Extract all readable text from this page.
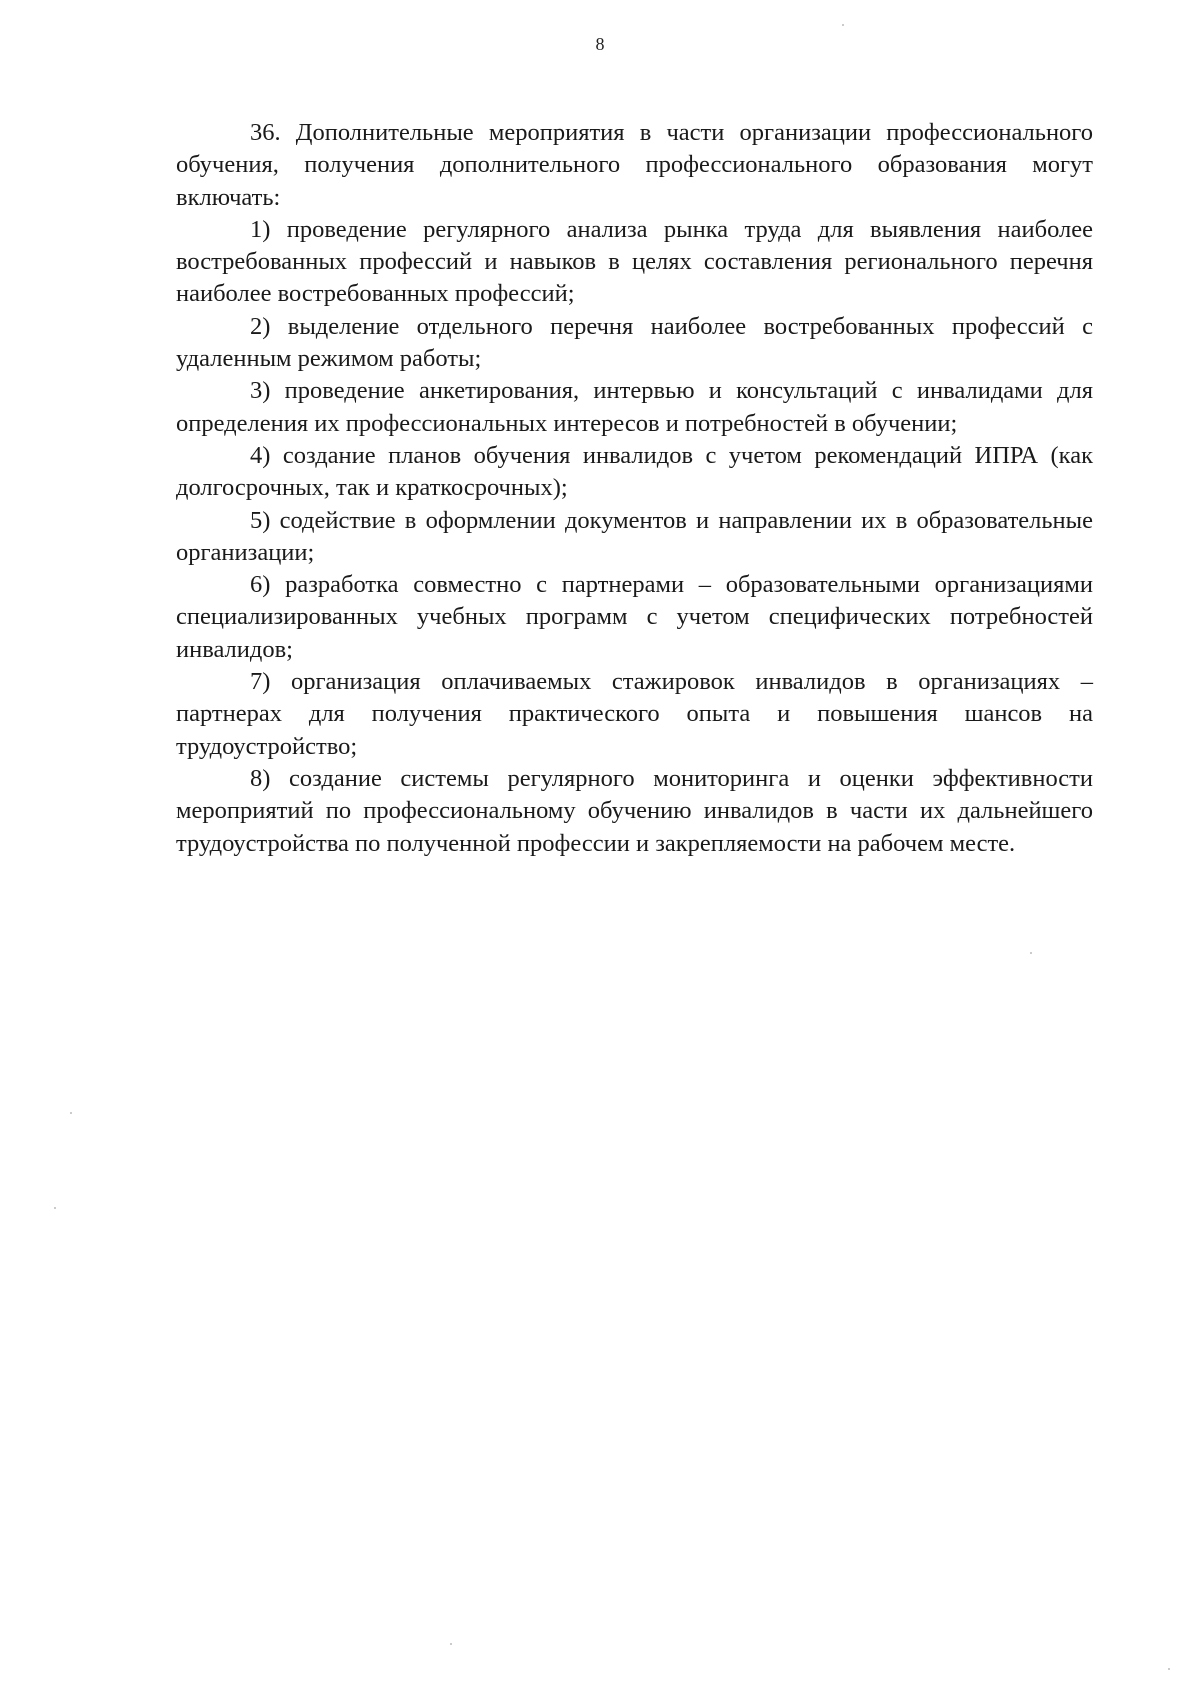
8

36. Дополнительные мероприятия в части организации профессионального обучения, получения дополнительного профессионального образования могут включать:

1) проведение регулярного анализа рынка труда для выявления наиболее востребованных профессий и навыков в целях составления регионального перечня наиболее востребованных профессий;

2) выделение отдельного перечня наиболее востребованных профессий с удаленным режимом работы;

3) проведение анкетирования, интервью и консультаций с инвалидами для определения их профессиональных интересов и потребностей в обучении;

4) создание планов обучения инвалидов с учетом рекомендаций ИПРА (как долгосрочных, так и краткосрочных);

5) содействие в оформлении документов и направлении их в образовательные организации;

6) разработка совместно с партнерами – образовательными организациями специализированных учебных программ с учетом специфических потребностей инвалидов;

7) организация оплачиваемых стажировок инвалидов в организациях – партнерах для получения практического опыта и повышения шансов на трудоустройство;

8) создание системы регулярного мониторинга и оценки эффективности мероприятий по профессиональному обучению инвалидов в части их дальнейшего трудоустройства по полученной профессии и закрепляемости на рабочем месте.
